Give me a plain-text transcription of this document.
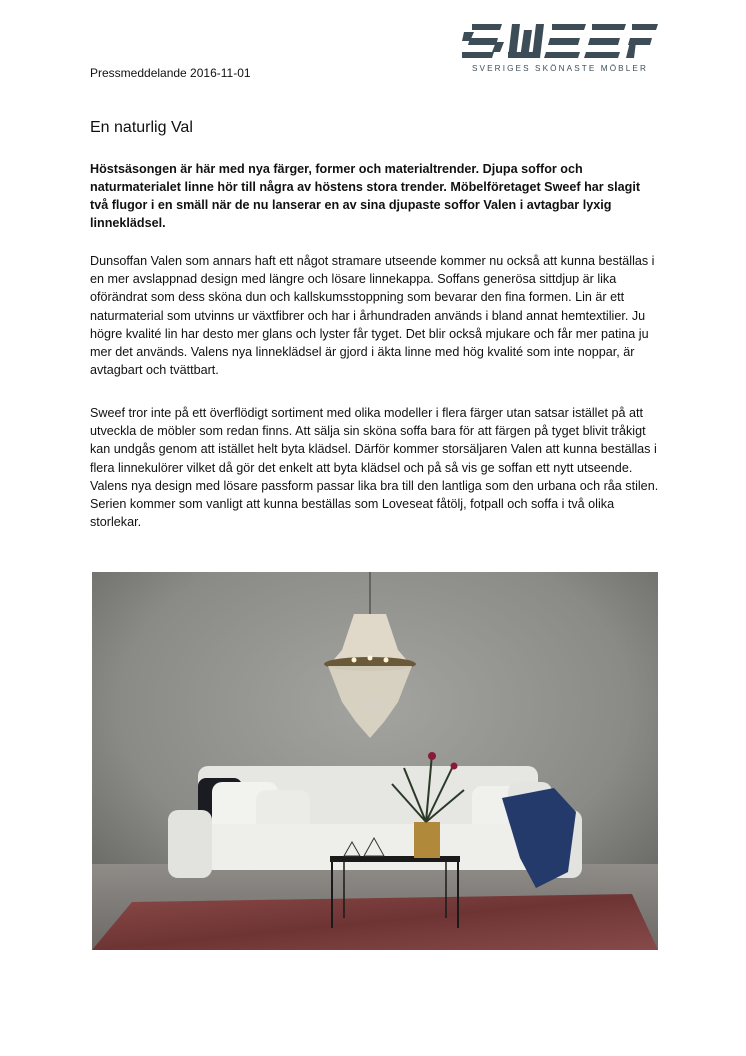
SVERIGES SKÖNASTE MÖBLER
Pressmeddelande 2016-11-01
En naturlig Val

Höstsäsongen är här med nya färger, former och materialtrender. Djupa soffor och naturmaterialet linne hör till några av höstens stora trender. Möbelföretaget Sweef har slagit två flugor i en smäll när de nu lanserar en av sina djupaste soffor Valen i avtagbar lyxig linneklädsel.

Dunsoffan Valen som annars haft ett något stramare utseende kommer nu också att kunna beställas i en mer avslappnad design med längre och lösare linnekappa. Soffans generösa sittdjup är lika oförändrat som dess sköna dun och kallskumsstoppning som bevarar den fina formen. Lin är ett naturmaterial som utvinns ur växtfibrer och har i århundraden används i bland annat hemtextilier. Ju högre kvalité lin har desto mer glans och lyster får tyget. Det blir också mjukare och får mer patina ju mer det används. Valens nya linneklädsel är gjord i äkta linne med hög kvalité som inte noppar, är avtagbart och tvättbart.

Sweef tror inte på ett överflödigt sortiment med olika modeller i flera färger utan satsar istället på att utveckla de möbler som redan finns. Att sälja sin sköna soffa bara för att färgen på tyget blivit tråkigt kan undgås genom att istället helt byta klädsel. Därför kommer storsäljaren Valen att kunna beställas i flera linnekulörer vilket då gör det enkelt att byta klädsel och på så vis ge soffan ett nytt utseende. Valens nya design med lösare passform passar lika bra till den lantliga som den urbana och råa stilen. Serien kommer som vanligt att kunna beställas som Loveseat fåtölj, fotpall och soffa i två olika storlekar.
